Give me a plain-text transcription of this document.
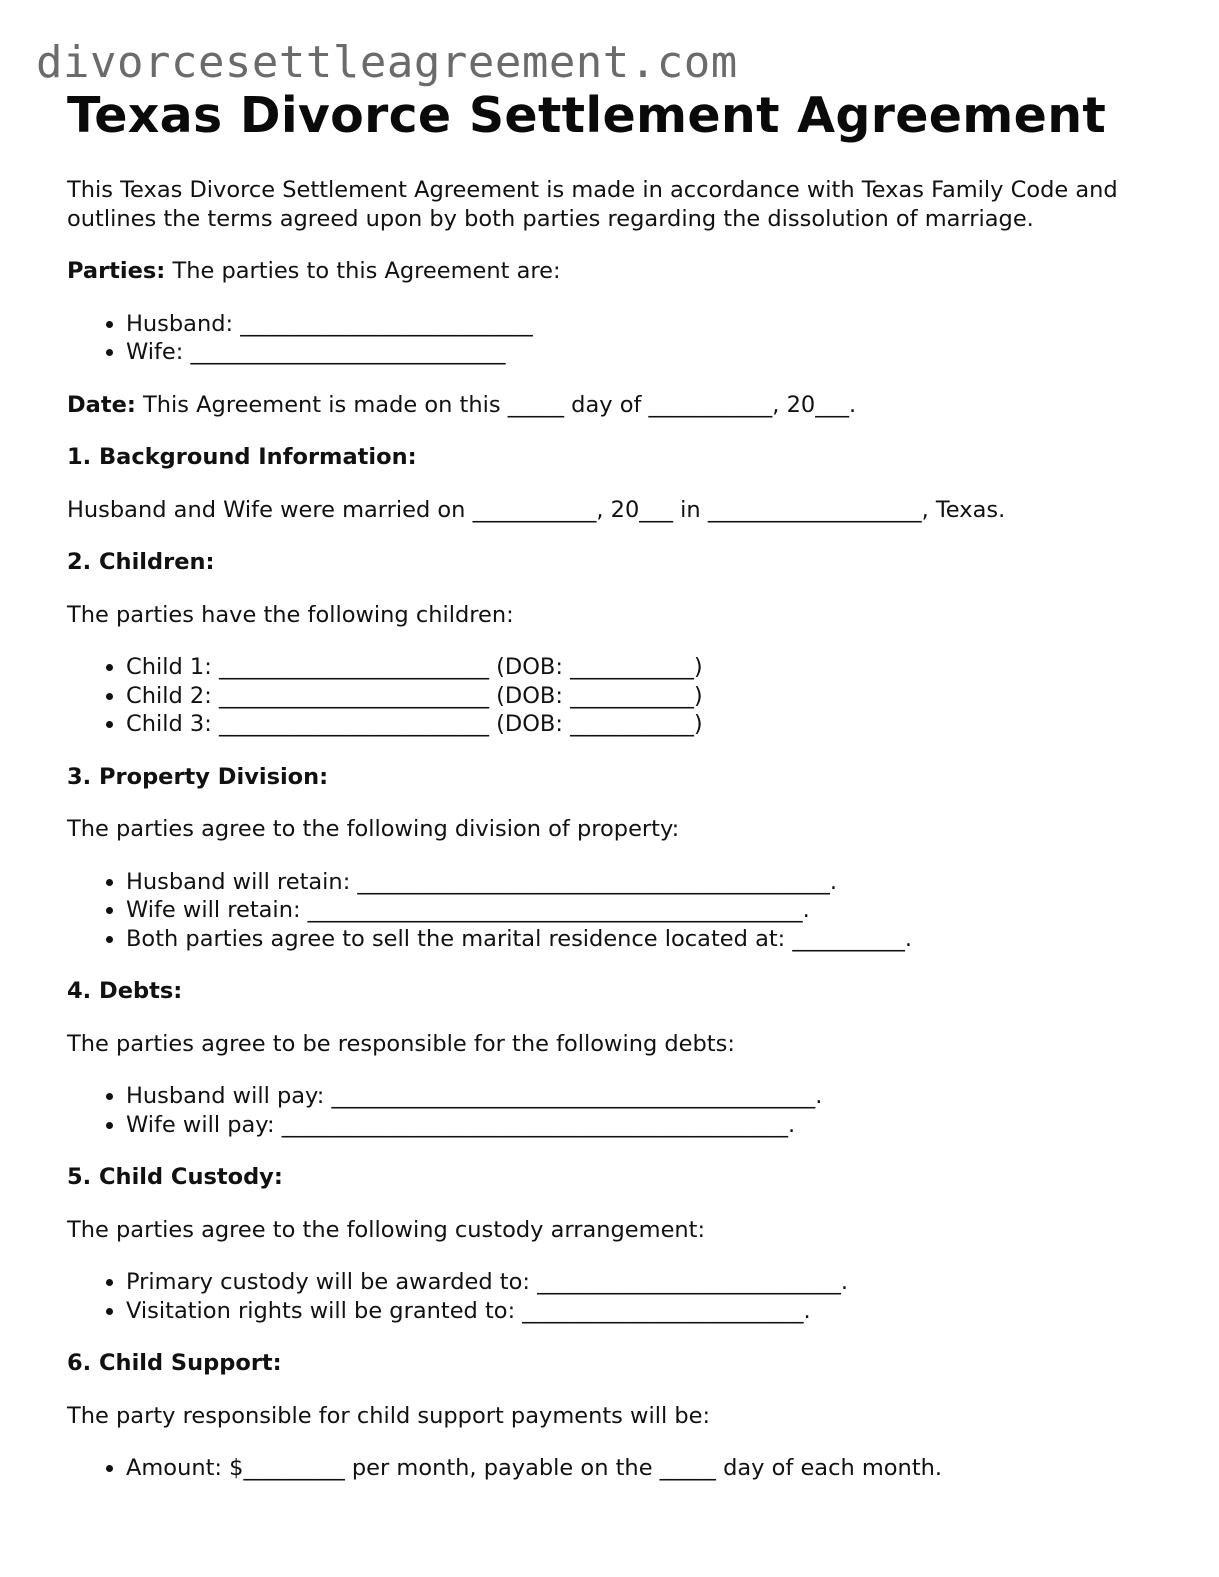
divorcesettleagreement.com
Texas Divorce Settlement Agreement

This Texas Divorce Settlement Agreement is made in accordance with Texas Family Code and outlines the terms agreed upon by both parties regarding the dissolution of marriage.

Parties: The parties to this Agreement are:

• Husband: __________________________
• Wife: ____________________________

Date: This Agreement is made on this _____ day of ___________, 20___.

1. Background Information:

Husband and Wife were married on ___________, 20___ in ___________________, Texas.

2. Children:

The parties have the following children:

• Child 1: ________________________ (DOB: ___________)
• Child 2: ________________________ (DOB: ___________)
• Child 3: ________________________ (DOB: ___________)
3. Property Division:

The parties agree to the following division of property:

• Husband will retain: __________________________________________.
• Wife will retain: ____________________________________________.
• Both parties agree to sell the marital residence located at: __________.
4. Debts:

The parties agree to be responsible for the following debts:

• Husband will pay: ___________________________________________.
• Wife will pay: _____________________________________________.
5. Child Custody:

The parties agree to the following custody arrangement:

• Primary custody will be awarded to: ___________________________.
• Visitation rights will be granted to: _________________________.
6. Child Support:

The party responsible for child support payments will be:

• Amount: $_________ per month, payable on the _____ day of each month.
